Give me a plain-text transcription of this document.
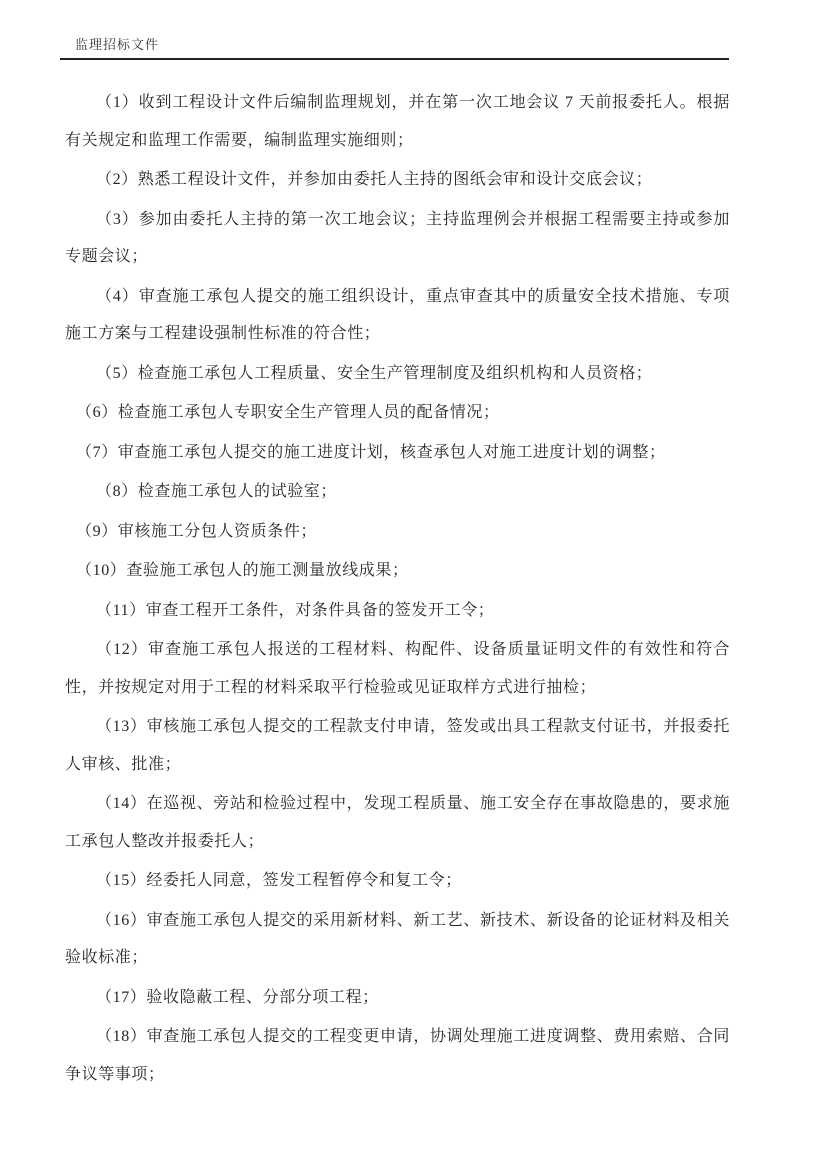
监理招标文件

（1）收到工程设计文件后编制监理规划，并在第一次工地会议 7 天前报委托人。根据有关规定和监理工作需要，编制监理实施细则；

（2）熟悉工程设计文件，并参加由委托人主持的图纸会审和设计交底会议；

（3）参加由委托人主持的第一次工地会议；主持监理例会并根据工程需要主持或参加专题会议；

（4）审查施工承包人提交的施工组织设计，重点审查其中的质量安全技术措施、专项施工方案与工程建设强制性标准的符合性；

（5）检查施工承包人工程质量、安全生产管理制度及组织机构和人员资格；

（6）检查施工承包人专职安全生产管理人员的配备情况；

（7）审查施工承包人提交的施工进度计划，核查承包人对施工进度计划的调整；

（8）检查施工承包人的试验室；

（9）审核施工分包人资质条件；

（10）查验施工承包人的施工测量放线成果；

（11）审查工程开工条件，对条件具备的签发开工令；

（12）审查施工承包人报送的工程材料、构配件、设备质量证明文件的有效性和符合性，并按规定对用于工程的材料采取平行检验或见证取样方式进行抽检；

（13）审核施工承包人提交的工程款支付申请，签发或出具工程款支付证书，并报委托人审核、批准；

（14）在巡视、旁站和检验过程中，发现工程质量、施工安全存在事故隐患的，要求施工承包人整改并报委托人；

（15）经委托人同意，签发工程暂停令和复工令；

（16）审查施工承包人提交的采用新材料、新工艺、新技术、新设备的论证材料及相关验收标准；

（17）验收隐蔽工程、分部分项工程；

（18）审查施工承包人提交的工程变更申请，协调处理施工进度调整、费用索赔、合同争议等事项；
